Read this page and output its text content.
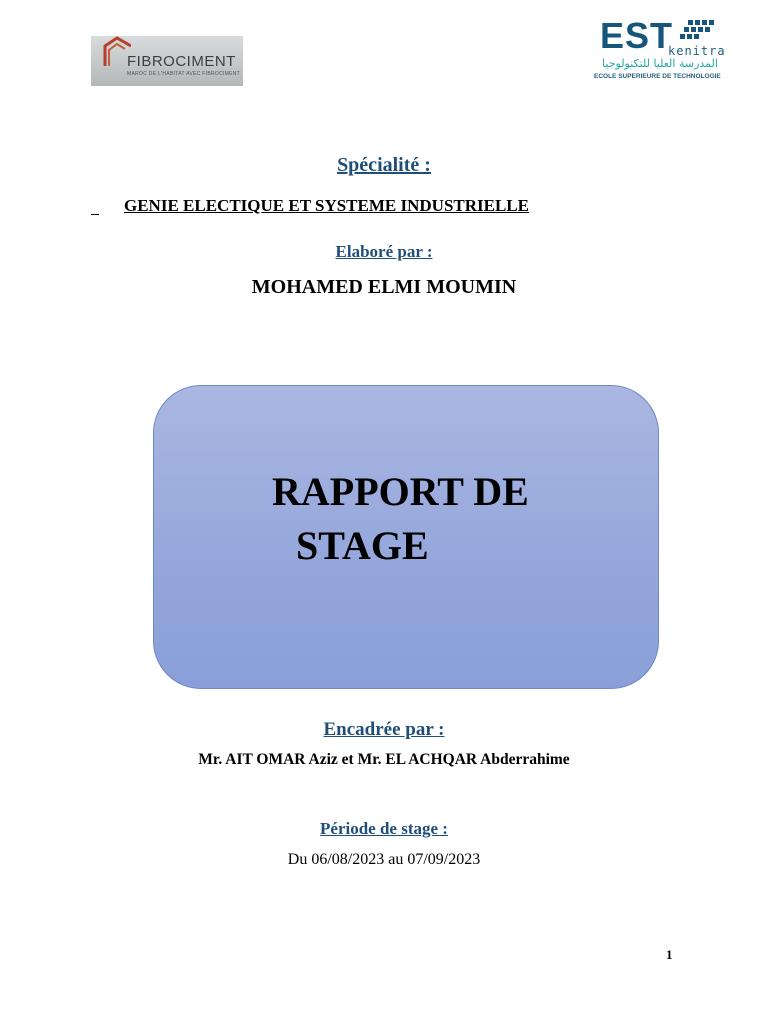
FIBROCIMENT
MAROC DE L'HABITAT AVEC FIBROCIMENT
EST
kenitra
المدرسة العليا للتكنولوجيا
ECOLE SUPERIEURE DE TECHNOLOGIE
Spécialité :

GENIE ELECTIQUE ET SYSTEME INDUSTRIELLE
Elaboré par :
MOHAMED ELMI MOUMIN
RAPPORT DE
STAGE
Encadrée par :
Mr. AIT OMAR Aziz et Mr. EL ACHQAR Abderrahime
Période de stage :
Du 06/08/2023 au 07/09/2023
1
